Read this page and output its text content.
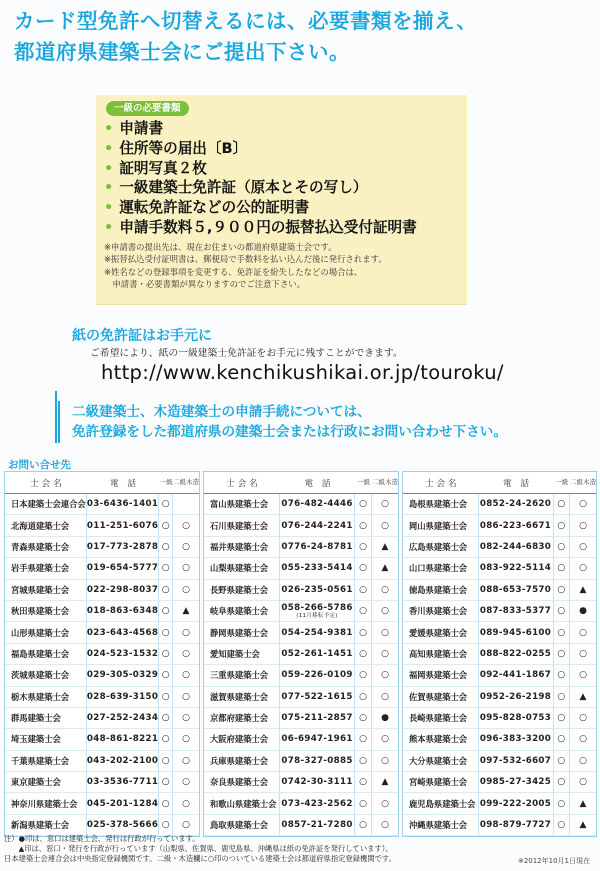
カード型免許へ切替えるには、必要書類を揃え、
都道府県建築士会にご提出下さい。
一級の必要書類
• 申請書
• 住所等の届出〔B〕
• 証明写真２枚
• 一級建築士免許証（原本とその写し）
• 運転免許証などの公的証明書
• 申請手数料５,９００円の振替払込受付証明書

※申請書の提出先は、現在お住まいの都道府県建築士会です。

※振替払込受付証明書は、郵便局で手数料を払い込んだ後に発行されます。

※姓名などの登録事項を変更する、免許証を紛失したなどの場合は、

　申請書・必要書類が異なりますのでご注意下さい。

紙の免許証はお手元に
ご希望により、紙の一級建築士免許証をお手元に残すことができます。
http://www.kenchikushikai.or.jp/touroku/
二級建築士、木造建築士の申請手続については、
免許登録をした都道府県の建築士会または行政にお問い合わせ下さい。
お問い合せ先
士 会 名	電　話	一級	二級木造
日本建築士会連合会	03-6436-1401	○	
北海道建築士会	011-251-6076	○	○
青森県建築士会	017-773-2878	○	○
岩手県建築士会	019-654-5777	○	○
宮城県建築士会	022-298-8037	○	○
秋田県建築士会	018-863-6348	○	▲
山形県建築士会	023-643-4568	○	○
福島県建築士会	024-523-1532	○	○
茨城県建築士会	029-305-0329	○	○
栃木県建築士会	028-639-3150	○	○
群馬建築士会	027-252-2434	○	○
埼玉建築士会	048-861-8221	○	○
千葉県建築士会	043-202-2100	○	○
東京建築士会	03-3536-7711	○	○
神奈川県建築士会	045-201-1284	○	○
新潟県建築士会	025-378-5666	○	○
士 会 名	電　話	一級	二級木造
富山県建築士会	076-482-4446	○	○
石川県建築士会	076-244-2241	○	○
福井県建築士会	0776-24-8781	○	▲
山梨県建築士会	055-233-5414	○	▲
長野県建築士会	026-235-0561	○	○
岐阜県建築士会	058-266-5786
(11月移転予定)	○	○
静岡県建築士会	054-254-9381	○	○
愛知建築士会	052-261-1451	○	○
三重県建築士会	059-226-0109	○	○
滋賀県建築士会	077-522-1615	○	○
京都府建築士会	075-211-2857	○	●
大阪府建築士会	06-6947-1961	○	○
兵庫県建築士会	078-327-0885	○	○
奈良県建築士会	0742-30-3111	○	▲
和歌山県建築士会	073-423-2562	○	○
鳥取県建築士会	0857-21-7280	○	○
士 会 名	電　話	一級	二級木造
島根県建築士会	0852-24-2620	○	○
岡山県建築士会	086-223-6671	○	○
広島県建築士会	082-244-6830	○	○
山口県建築士会	083-922-5114	○	○
徳島県建築士会	088-653-7570	○	▲
香川県建築士会	087-833-5377	○	●
愛媛県建築士会	089-945-6100	○	○
高知県建築士会	088-822-0255	○	○
福岡県建築士会	092-441-1867	○	○
佐賀県建築士会	0952-26-2198	○	▲
長崎県建築士会	095-828-0753	○	○
熊本県建築士会	096-383-3200	○	○
大分県建築士会	097-532-6607	○	○
宮崎県建築士会	0985-27-3425	○	○
鹿児島県建築士会	099-222-2005	○	▲
沖縄県建築士会	098-879-7727	○	▲

注）●印は、窓口は建築士会、発行は行政が行っています。

　　▲印は、窓口・発行を行政が行っています（山梨県、佐賀県、鹿児島県、沖縄県は紙の免許証を発行しています）。

日本建築士会連合会は中央指定登録機関です。二級・木造欄に○印のついている建築士会は都道府県指定登録機関です。	※2012年10月1日現在
